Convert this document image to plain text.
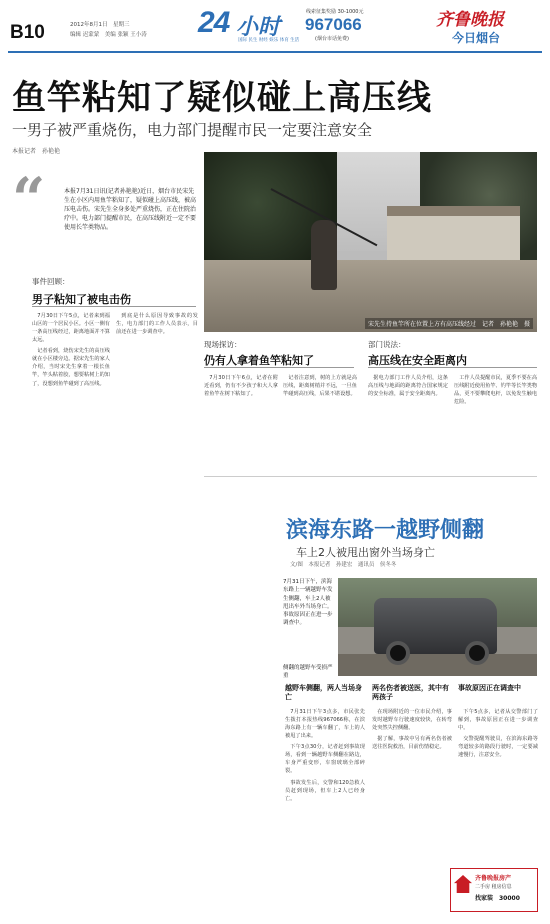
B10	2012年8月1日　星期三
编辑 迟蒙蒙　美编 张颖 王小涛 24 小时
国际 民生 财经 娱乐 体育 生活
线索征集奖励 30-1000元
967066
(烟台市话免费)
齐鲁晚报
今日烟台
鱼竿粘知了疑似碰上高压线
一男子被严重烧伤，电力部门提醒市民一定要注意安全
本报记者　孙艳艳
“	本报7月31日讯(记者孙艳艳)近日，烟台市民宋先生在小区内用鱼竿粘知了，疑似碰上高压线，被高压电击伤。宋先生全身多处严重烧伤，正在住院治疗中。电力部门提醒市民，在高压线附近一定不要使用长竿类物品。
宋先生持鱼竿所在位置上方有高压线经过　记者　孙艳艳　摄
事件回顾：
男子粘知了被电击伤

7月30日下午5点，记者来到福山区的一个居民小区。小区一侧有一条高压线经过，距离地面并不算太远。

记者看到，烧伤宋先生的高压线就在小区楼旁边。据宋先生的家人介绍，当时宋先生拿着一根长鱼竿，竿头粘着胶，想要粘树上的知了，没想到鱼竿碰到了高压线。

到底是什么原因导致事故的发生，电力部门的工作人员表示，目前还在进一步调查中。

现场探访：
仍有人拿着鱼竿粘知了

7月30日下午6点，记者在附近看到，仍有不少孩子和大人拿着鱼竿在树下粘知了。

记者注意到，树的上方就是高压线，距离树梢并不远，一旦鱼竿碰到高压线，后果不堪设想。

部门说法：
高压线在安全距离内

据电力部门工作人员介绍，这条高压线与地面的距离符合国家规定的安全标准，属于安全距离内。

工作人员提醒市民，夏季不要在高压线附近使用鱼竿、钓竿等长竿类物品，更不要攀爬电杆，以免发生触电危险。

滨海东路一越野侧翻
车上2人被甩出窗外当场身亡
文/图　本报记者　孙建宏　通讯员　侯冬冬
7月31日下午，滨海东路上一辆越野车发生侧翻，车上2人被甩出车外当场身亡。事故原因正在进一步调查中。
侧翻的越野车受损严重
越野车侧翻，两人当场身亡

7月31日下午3点多，市民张先生拨打本报热线967066称，在滨海东路上有一辆车翻了，车上的人被甩了出来。

下午3点30分，记者赶到事故现场，看到一辆越野车侧翻在路边，车身严重变形，车窗玻璃全部碎裂。

事故发生后，交警和120急救人员赶到现场，但车上2人已经身亡。

两名伤者被送医，其中有两孩子

在现场附近的一位市民介绍，事发时越野车行驶速度较快，在转弯处突然失控侧翻。

据了解，事故中另有两名伤者被送往医院救治，目前伤情稳定。

事故原因正在调查中

下午5点多，记者从交警部门了解到，事故原因正在进一步调查中。

交警提醒驾驶员，在滨海东路等弯道较多的路段行驶时，一定要减速慢行，注意安全。

齐鲁晚报房产
二手房 租房信息
找家装　30000
